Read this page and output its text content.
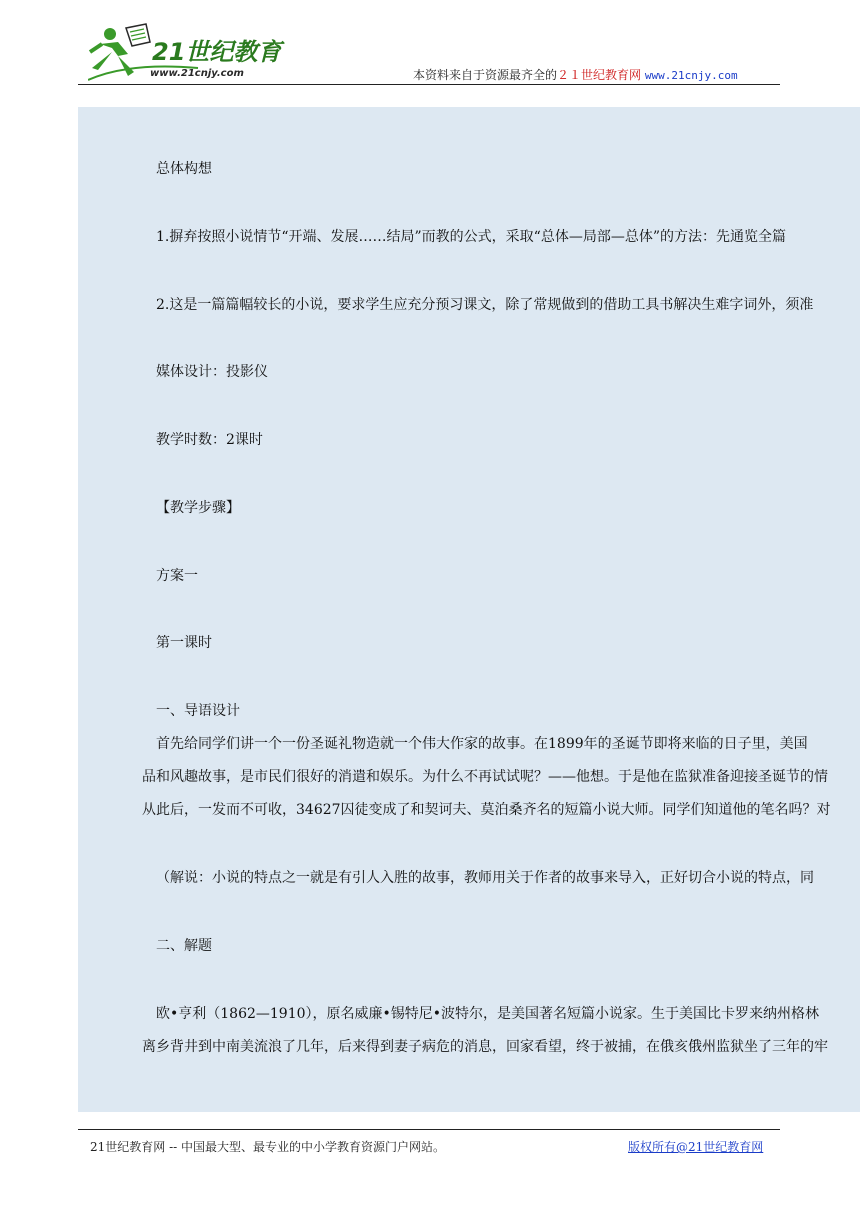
21世纪教育
www.21cnjy.com	本资料来自于资源最齐全的２１世纪教育网 www.21cnjy.com
总体构想
1.摒弃按照小说情节“开端、发展……结局”而教的公式，采取“总体—局部—总体”的方法：先通览全篇
2.这是一篇篇幅较长的小说，要求学生应充分预习课文，除了常规做到的借助工具书解决生难字词外，须准
媒体设计：投影仪
教学时数：2课时
【教学步骤】
方案一
第一课时
一、导语设计
首先给同学们讲一个一份圣诞礼物造就一个伟大作家的故事。在1899年的圣诞节即将来临的日子里，美国
品和风趣故事，是市民们很好的消遣和娱乐。为什么不再试试呢？——他想。于是他在监狱准备迎接圣诞节的情
从此后，一发而不可收，34627囚徒变成了和契诃夫、莫泊桑齐名的短篇小说大师。同学们知道他的笔名吗？对
（解说：小说的特点之一就是有引人入胜的故事，教师用关于作者的故事来导入，正好切合小说的特点，同
二、解题
欧•亨利（1862—1910），原名威廉•锡特尼•波特尔，是美国著名短篇小说家。生于美国比卡罗来纳州格林
离乡背井到中南美流浪了几年，后来得到妻子病危的消息，回家看望，终于被捕，在俄亥俄州监狱坐了三年的牢
21世纪教育网 -- 中国最大型、最专业的中小学教育资源门户网站。	版权所有@21世纪教育网
